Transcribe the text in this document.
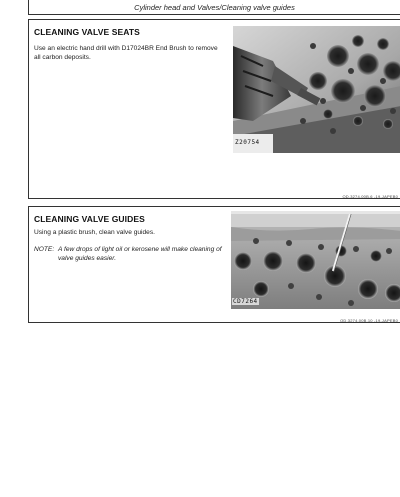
Cylinder head and Valves/Cleaning valve guides
CLEANING VALVE SEATS
Use an electric hand drill with D17024BR End Brush to remove all carbon deposits.
Z20754
OD.3274.00B.6 -19-JAPEB0
CLEANING VALVE GUIDES
Using a plastic brush, clean valve guides.
NOTE: A few drops of light oil or kerosene will make cleaning of valve guides easier.
CD7264
OD.3274.00B.10 -19-JAPEB0
